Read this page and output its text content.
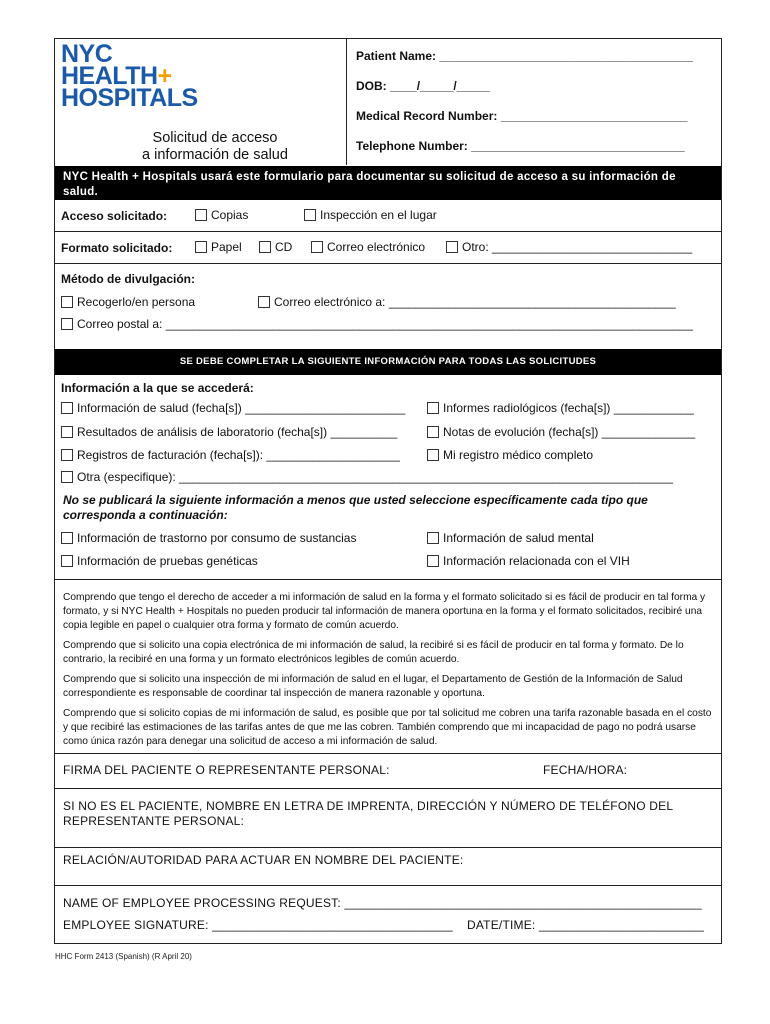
NYC
HEALTH+
HOSPITALS
Solicitud de acceso
a información de salud
Patient Name: ______________________________________
DOB: ____/_____/_____
Medical Record Number: ____________________________
Telephone Number: ________________________________
NYC Health + Hospitals usará este formulario para documentar su solicitud de acceso a su información de salud.
Acceso solicitado:	Copias	Inspección en el lugar
Formato solicitado:	Papel	CD	Correo electrónico	Otro: ______________________________
Método de divulgación:
Recogerlo/en persona	Correo electrónico a: ___________________________________________
Correo postal a: _______________________________________________________________________________
SE DEBE COMPLETAR LA SIGUIENTE INFORMACIÓN PARA TODAS LAS SOLICITUDES
Información a la que se accederá:
Información de salud (fecha[s]) ________________________	Informes radiológicos (fecha[s]) ____________
Resultados de análisis de laboratorio (fecha[s]) __________	Notas de evolución (fecha[s]) ______________
Registros de facturación (fecha[s]): ____________________	Mi registro médico completo
Otra (especifique): __________________________________________________________________________
No se publicará la siguiente información a menos que usted seleccione específicamente cada tipo que corresponda a continuación:
Información de trastorno por consumo de sustancias	Información de salud mental
Información de pruebas genéticas	Información relacionada con el VIH
Comprendo que tengo el derecho de acceder a mi información de salud en la forma y el formato solicitado si es fácil de producir en tal forma y formato, y si NYC Health + Hospitals no pueden producir tal información de manera oportuna en la forma y el formato solicitados, recibiré una copia legible en papel o cualquier otra forma y formato de común acuerdo.
Comprendo que si solicito una copia electrónica de mi información de salud, la recibiré si es fácil de producir en tal forma y formato. De lo contrario, la recibiré en una forma y un formato electrónicos legibles de común acuerdo.
Comprendo que si solicito una inspección de mi información de salud en el lugar, el Departamento de Gestión de la Información de Salud correspondiente es responsable de coordinar tal inspección de manera razonable y oportuna.
Comprendo que si solicito copias de mi información de salud, es posible que por tal solicitud me cobren una tarifa razonable basada en el costo y que recibiré las estimaciones de las tarifas antes de que me las cobren. También comprendo que mi incapacidad de pago no podrá usarse como única razón para denegar una solicitud de acceso a mi información de salud.
FIRMA DEL PACIENTE O REPRESENTANTE PERSONAL:	FECHA/HORA:
SI NO ES EL PACIENTE, NOMBRE EN LETRA DE IMPRENTA, DIRECCIÓN Y NÚMERO DE TELÉFONO DEL REPRESENTANTE PERSONAL:
RELACIÓN/AUTORIDAD PARA ACTUAR EN NOMBRE DEL PACIENTE:
NAME OF EMPLOYEE PROCESSING REQUEST: ____________________________________________________
EMPLOYEE SIGNATURE: ___________________________________ DATE/TIME: ________________________
HHC Form 2413 (Spanish) (R April 20)
